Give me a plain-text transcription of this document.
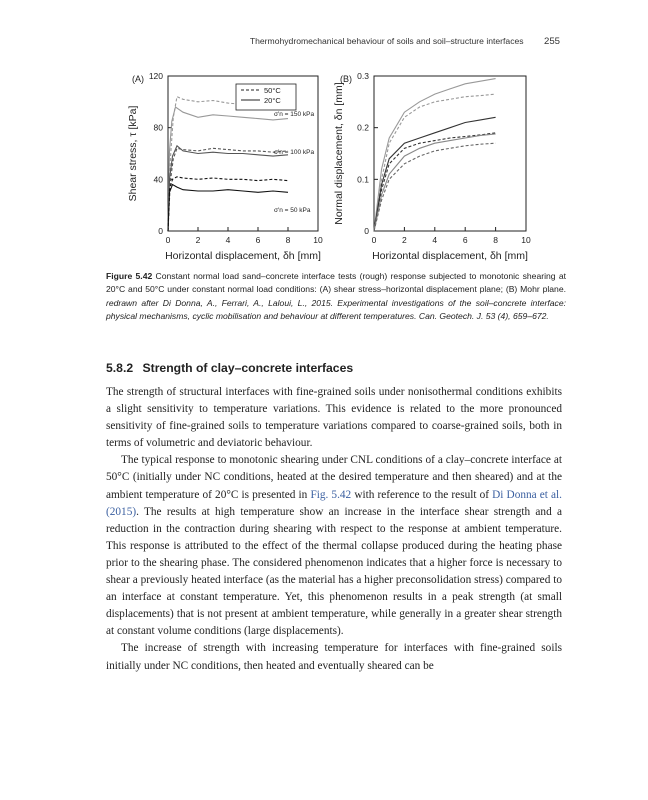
Thermohydromechanical behaviour of soils and soil–structure interfaces 255
(A)
0	2	4	6	8	10
0
40
80
120
Horizontal displacement, δh [mm]
Shear stress, τ [kPa]
50°C
20°C
σ′n = 150 kPa
σ′n = 100 kPa
σ′n = 50 kPa
(B)
0	2	4	6	8	10
0
0.1
0.2
0.3
Horizontal displacement, δh [mm]
Normal displacement, δn [mm]
Figure 5.42 Constant normal load sand–concrete interface tests (rough) response subjected to monotonic shearing at 20°C and 50°C under constant normal load conditions: (A) shear stress–horizontal displacement plane; (B) Mohr plane. redrawn after Di Donna, A., Ferrari, A., Laloui, L., 2015. Experimental investigations of the soil–concrete interface: physical mechanisms, cyclic mobilisation and behaviour at different temperatures. Can. Geotech. J. 53 (4), 659–672.
5.8.2 Strength of clay–concrete interfaces

The strength of structural interfaces with fine-grained soils under nonisothermal conditions exhibits a slight sensitivity to temperature variations. This evidence is related to the more pronounced sensitivity of fine-grained soils to temperature variations compared to coarse-grained soils, both in terms of volumetric and deviatoric behaviour.

The typical response to monotonic shearing under CNL conditions of a clay–concrete interface at 50°C (initially under NC conditions, heated at the desired temperature and then sheared) and at the ambient temperature of 20°C is presented in Fig. 5.42 with reference to the result of Di Donna et al. (2015). The results at high temperature show an increase in the interface shear strength and a reduction in the contraction during shearing with respect to the response at ambient temperature. This response is attributed to the effect of the thermal collapse produced during the heating phase prior to the shearing phase. The considered phenomenon indicates that a higher force is necessary to shear a previously heated interface (as the material has a higher preconsolidation stress) compared to an interface at constant temperature. Yet, this phenomenon results in a peak strength (at small displacements) that is not present at ambient temperature, while generally in a greater shear strength at constant volume conditions (large displacements).

The increase of strength with increasing temperature for interfaces with fine-grained soils initially under NC conditions, then heated and eventually sheared can be
